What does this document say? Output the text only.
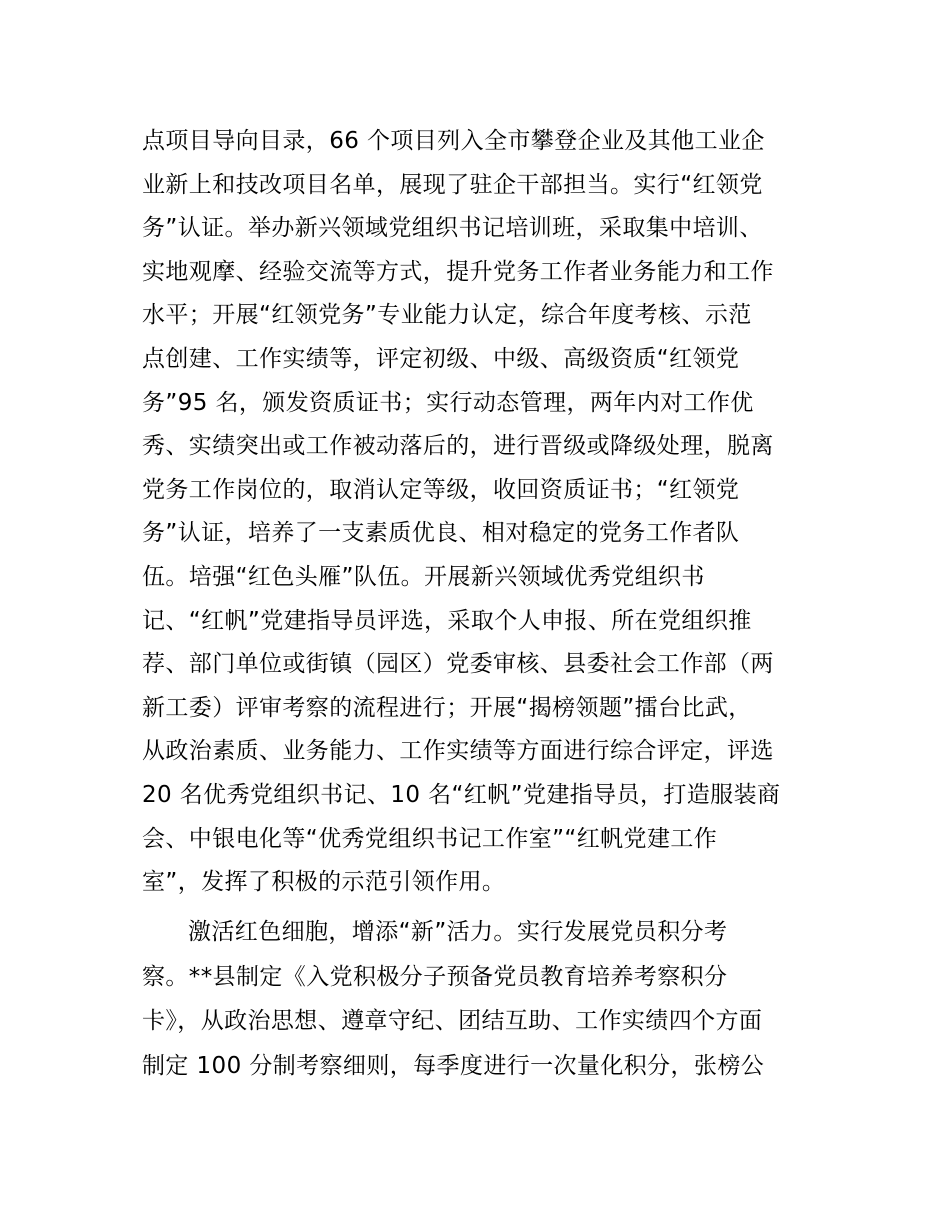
点项目导向目录，66 个项目列入全市攀登企业及其他工业企
业新上和技改项目名单，展现了驻企干部担当。实行“红领党
务”认证。举办新兴领域党组织书记培训班，采取集中培训、
实地观摩、经验交流等方式，提升党务工作者业务能力和工作
水平；开展“红领党务”专业能力认定，综合年度考核、示范
点创建、工作实绩等，评定初级、中级、高级资质“红领党
务”95 名，颁发资质证书；实行动态管理，两年内对工作优
秀、实绩突出或工作被动落后的，进行晋级或降级处理，脱离
党务工作岗位的，取消认定等级，收回资质证书；“红领党
务”认证，培养了一支素质优良、相对稳定的党务工作者队
伍。培强“红色头雁”队伍。开展新兴领域优秀党组织书
记、“红帆”党建指导员评选，采取个人申报、所在党组织推
荐、部门单位或街镇（园区）党委审核、县委社会工作部（两
新工委）评审考察的流程进行；开展“揭榜领题”擂台比武，
从政治素质、业务能力、工作实绩等方面进行综合评定，评选
20 名优秀党组织书记、10 名“红帆”党建指导员，打造服装商
会、中银电化等“优秀党组织书记工作室”“红帆党建工作
室”，发挥了积极的示范引领作用。
激活红色细胞，增添“新”活力。实行发展党员积分考
察。**县制定《入党积极分子预备党员教育培养考察积分
卡》，从政治思想、遵章守纪、团结互助、工作实绩四个方面
制定 100 分制考察细则，每季度进行一次量化积分，张榜公
